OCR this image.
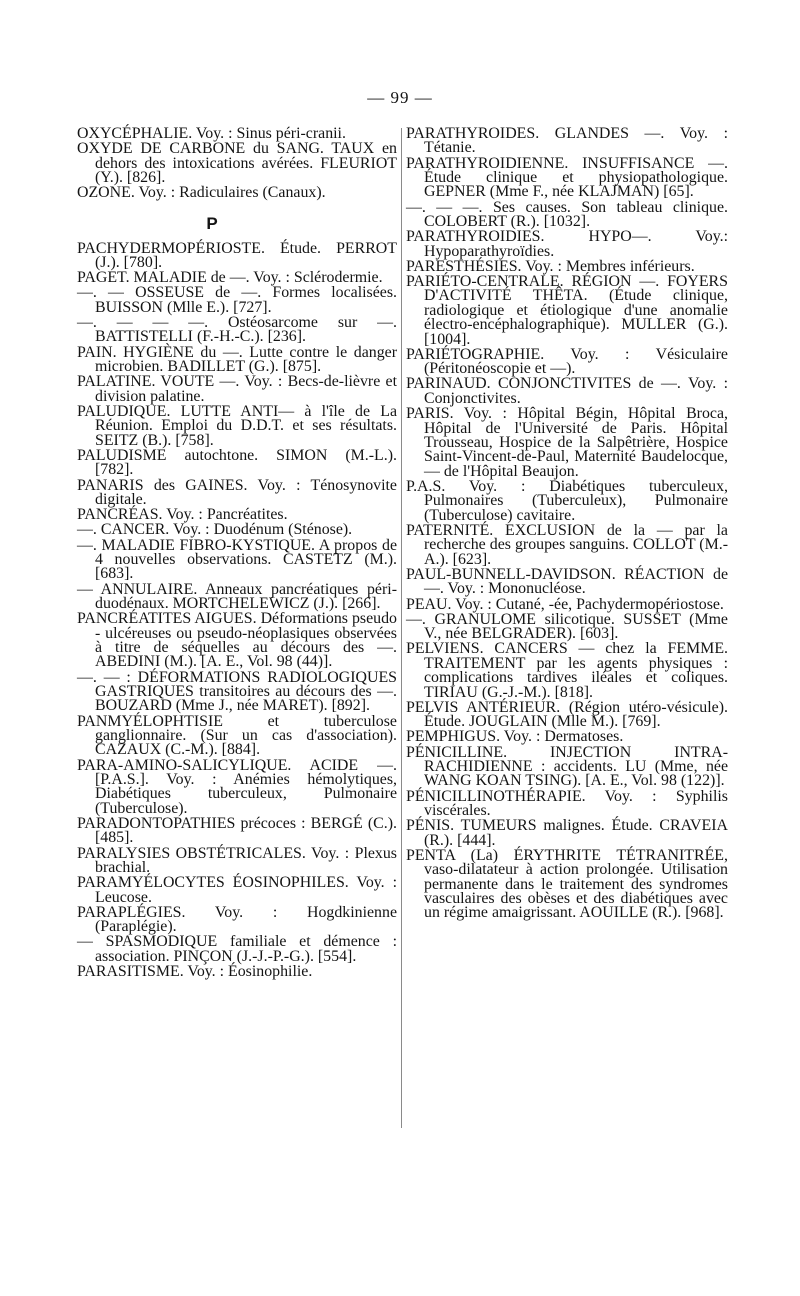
— 99 —

OXYCÉPHALIE. Voy. : Sinus péri-cranii.

OXYDE DE CARBONE du SANG. TAUX en dehors des intoxications avérées. FLEURIOT (Y.). [826].

OZONE. Voy. : Radiculaires (Canaux).

P

PACHYDERMOPÉRIOSTE. Étude. PERROT (J.). [780].

PAGET. MALADIE de —. Voy. : Sclérodermie.

—. — OSSEUSE de —. Formes localisées. BUISSON (Mlle E.). [727].

—. — — —. Ostéosarcome sur —. BATTISTELLI (F.-H.-C.). [236].

PAIN. HYGIÈNE du —. Lutte contre le danger microbien. BADILLET (G.). [875].

PALATINE. VOUTE —. Voy. : Becs-de-lièvre et division palatine.

PALUDIQUE. LUTTE ANTI— à l'île de La Réunion. Emploi du D.D.T. et ses résultats. SEITZ (B.). [758].

PALUDISME autochtone. SIMON (M.-L.). [782].

PANARIS des GAINES. Voy. : Ténosynovite digitale.

PANCRÉAS. Voy. : Pancréatites.

—. CANCER. Voy. : Duodénum (Sténose).

—. MALADIE FIBRO-KYSTIQUE. A propos de 4 nouvelles observations. CASTETZ (M.). [683].

— ANNULAIRE. Anneaux pancréatiques péri-duodénaux. MORTCHELEWICZ (J.). [266].

PANCRÉATITES AIGUES. Déformations pseudo - ulcéreuses ou pseudo-néoplasiques observées à titre de séquelles au décours des —. ABEDINI (M.). [A. E., Vol. 98 (44)].

—. — : DÉFORMATIONS RADIOLOGIQUES GASTRIQUES transitoires au décours des —. BOUZARD (Mme J., née MARET). [892].

PANMYÉLOPHTISIE et tuberculose ganglionnaire. (Sur un cas d'association). CAZAUX (C.-M.). [884].

PARA-AMINO-SALICYLIQUE. ACIDE —. [P.A.S.]. Voy. : Anémies hémolytiques, Diabétiques tuberculeux, Pulmonaire (Tuberculose).

PARADONTOPATHIES précoces : BERGÉ (C.). [485].

PARALYSIES OBSTÉTRICALES. Voy. : Plexus brachial.

PARAMYÉLOCYTES ÉOSINOPHILES. Voy. : Leucose.

PARAPLÉGIES. Voy. : Hogdkinienne (Paraplégie).

— SPASMODIQUE familiale et démence : association. PINÇON (J.-J.-P.-G.). [554].

PARASITISME. Voy. : Éosinophilie.

PARATHYROIDES. GLANDES —. Voy. : Tétanie.

PARATHYROIDIENNE. INSUFFISANCE —. Étude clinique et physiopathologique. GEPNER (Mme F., née KLAJMAN) [65].

—. — —. Ses causes. Son tableau clinique. COLOBERT (R.). [1032].

PARATHYROIDIES. HYPO—. Voy.: Hypoparathyroïdies.

PARESTHÉSIES. Voy. : Membres inférieurs.

PARIÉTO-CENTRALE. RÉGION —. FOYERS D'ACTIVITÉ THÊTA. (Étude clinique, radiologique et étiologique d'une anomalie électro-encéphalographique). MULLER (G.). [1004].

PARIÉTOGRAPHIE. Voy. : Vésiculaire (Péritonéoscopie et —).

PARINAUD. CONJONCTIVITES de —. Voy. : Conjonctivites.

PARIS. Voy. : Hôpital Bégin, Hôpital Broca, Hôpital de l'Université de Paris. Hôpital Trousseau, Hospice de la Salpêtrière, Hospice Saint-Vincent-de-Paul, Maternité Baudelocque, — de l'Hôpital Beaujon.

P.A.S. Voy. : Diabétiques tuberculeux, Pulmonaires (Tuberculeux), Pulmonaire (Tuberculose) cavitaire.

PATERNITÉ. EXCLUSION de la — par la recherche des groupes sanguins. COLLOT (M.-A.). [623].

PAUL-BUNNELL-DAVIDSON. RÉACTION de —. Voy. : Mononucléose.

PEAU. Voy. : Cutané, -ée, Pachydermopériostose.

—. GRANULOME silicotique. SUSSET (Mme V., née BELGRADER). [603].

PELVIENS. CANCERS — chez la FEMME. TRAITEMENT par les agents physiques : complications tardives iléales et coliques. TIRIAU (G.-J.-M.). [818].

PELVIS ANTÉRIEUR. (Région utéro-vésicule). Étude. JOUGLAIN (Mlle M.). [769].

PEMPHIGUS. Voy. : Dermatoses.

PÉNICILLINE. INJECTION INTRA-RACHIDIENNE : accidents. LU (Mme, née WANG KOAN TSING). [A. E., Vol. 98 (122)].

PÉNICILLINOTHÉRAPIE. Voy. : Syphilis viscérales.

PÉNIS. TUMEURS malignes. Étude. CRAVEIA (R.). [444].

PENTA (La) ÉRYTHRITE TÉTRANITRÉE, vaso-dilatateur à action prolongée. Utilisation permanente dans le traitement des syndromes vasculaires des obèses et des diabétiques avec un régime amaigrissant. AOUILLE (R.). [968].
